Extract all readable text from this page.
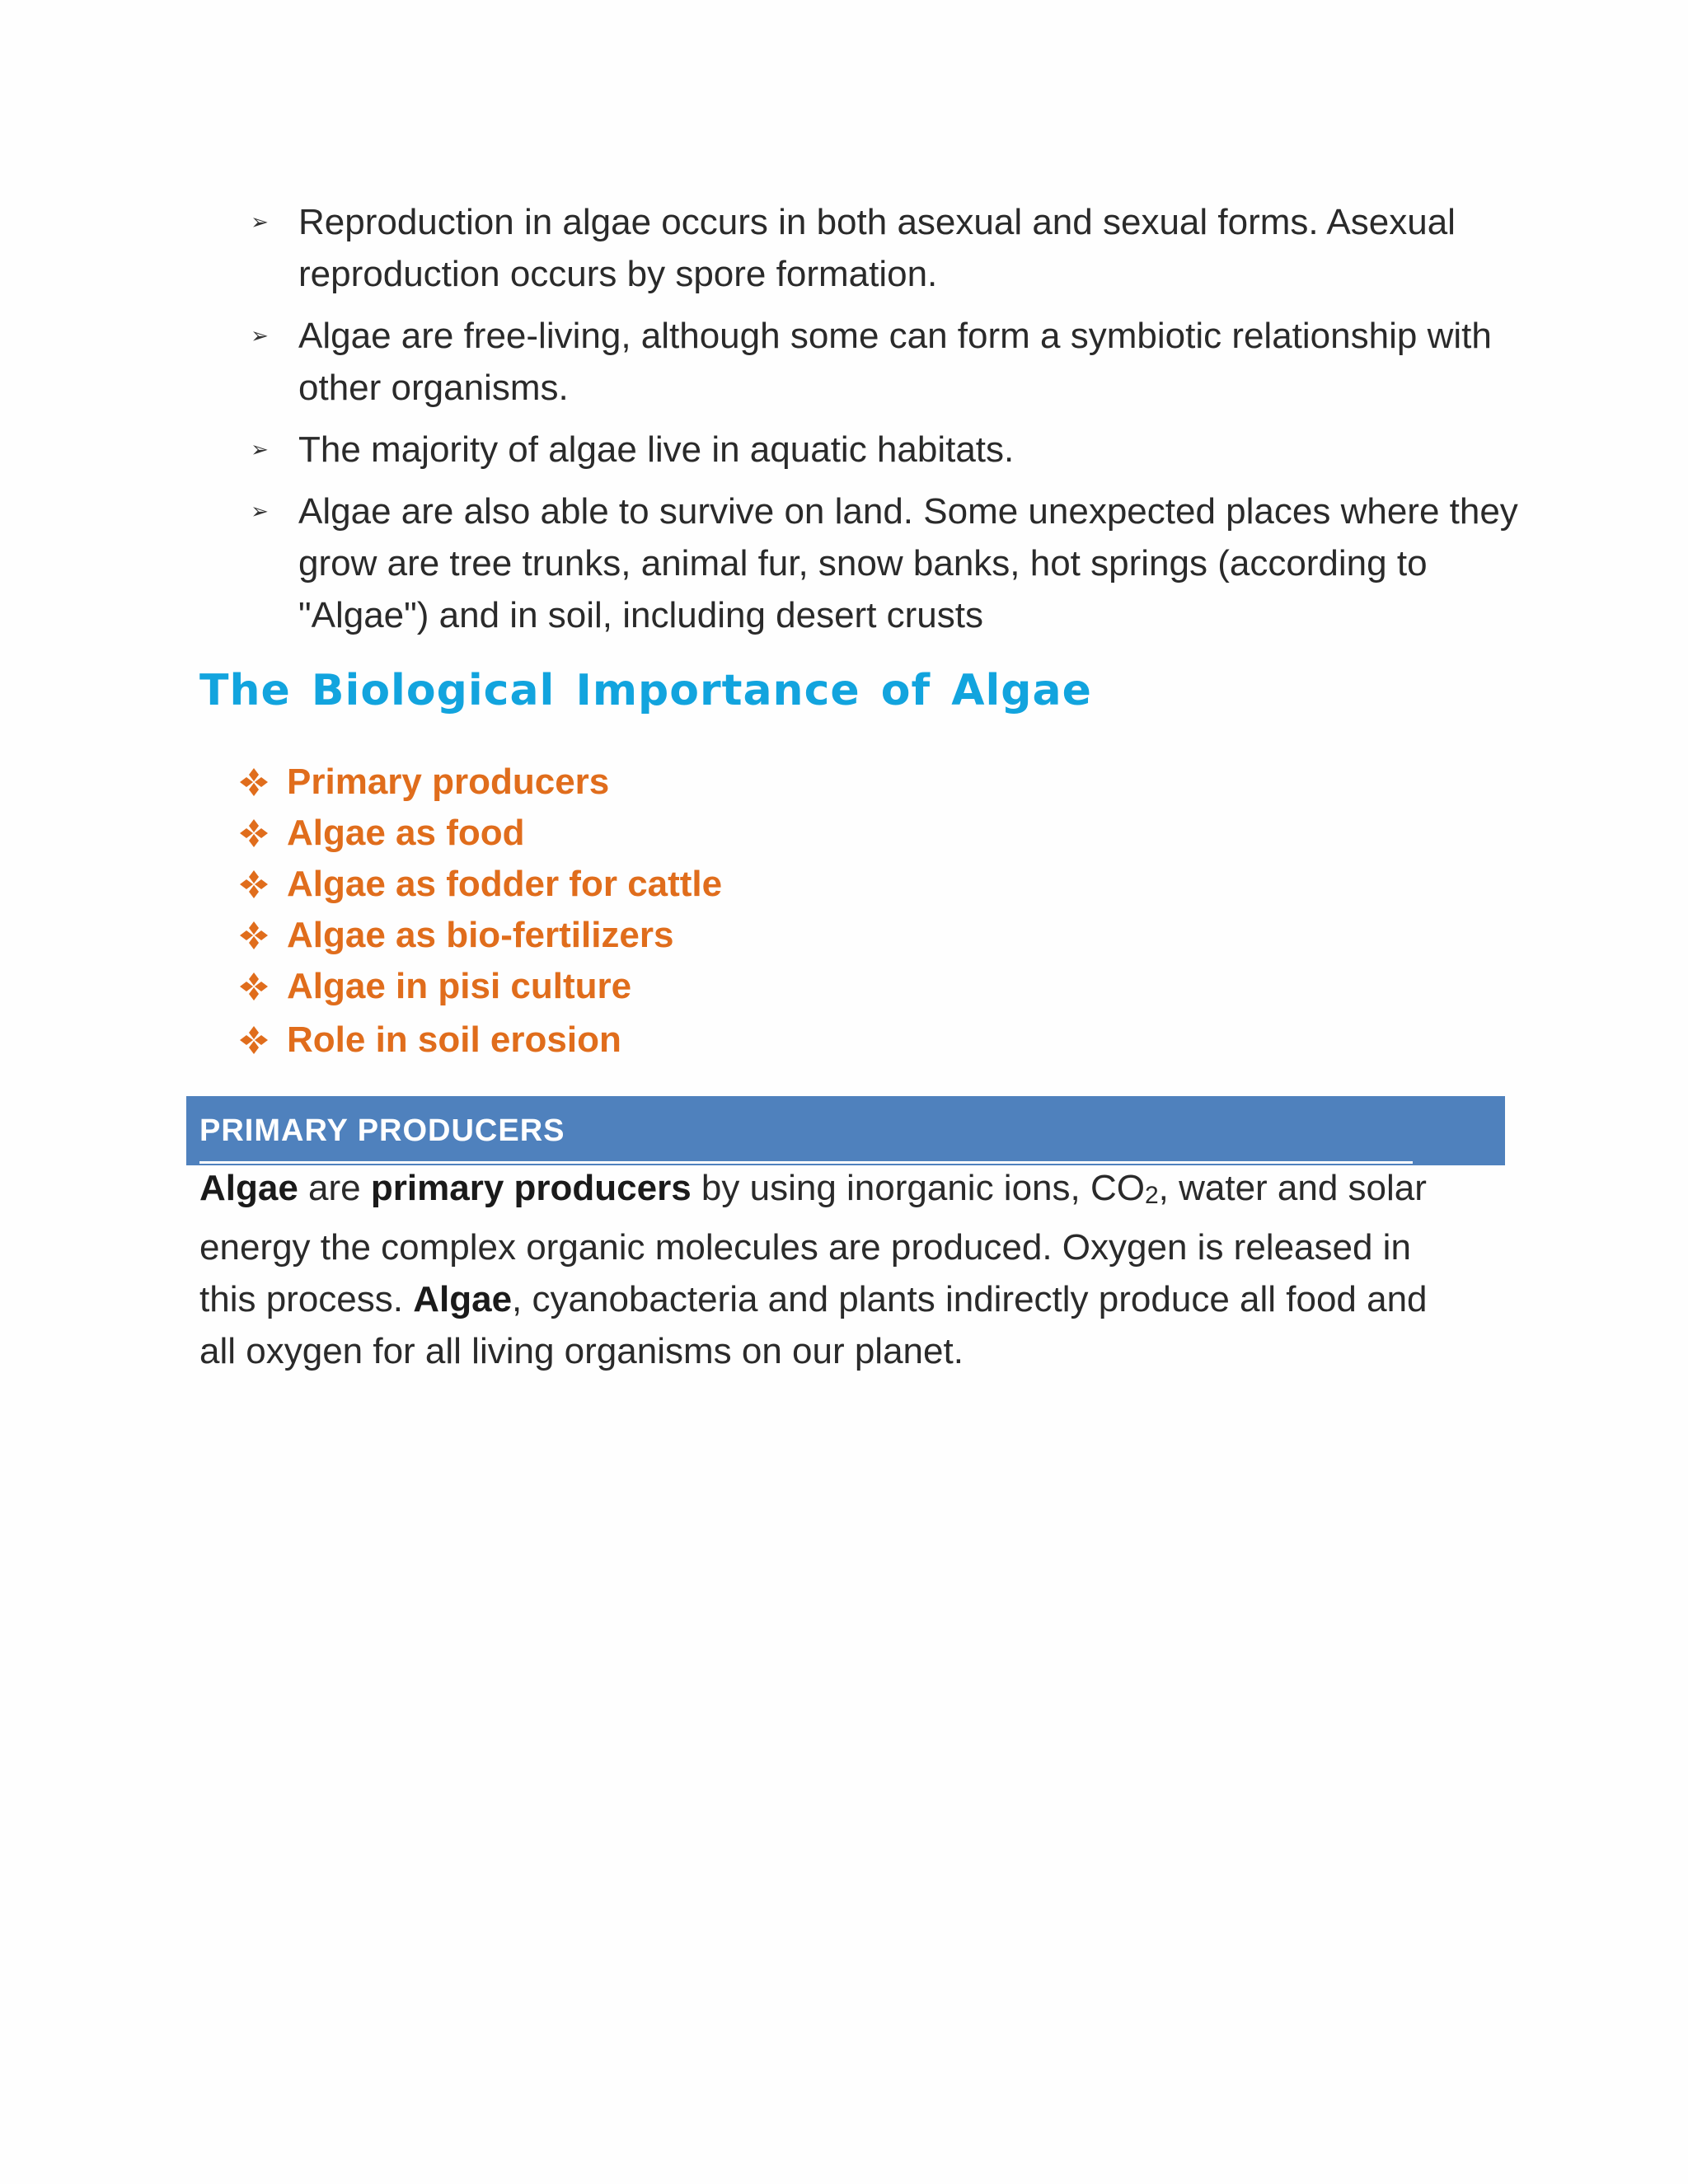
➢ Reproduction in algae occurs in both asexual and sexual forms. Asexual reproduction occurs by spore formation.
➢ Algae are free-living, although some can form a symbiotic relationship with other organisms.
➢ The majority of algae live in aquatic habitats.
➢ Algae are also able to survive on land. Some unexpected places where they grow are tree trunks, animal fur, snow banks, hot springs (according to "Algae") and in soil, including desert crusts
The Biological Importance of Algae
Primary producers
Algae as food
Algae as fodder for cattle
Algae as bio-fertilizers
Algae in pisi culture
Role in soil erosion
PRIMARY PRODUCERS

Algae are primary producers by using inorganic ions, $CO_2$, water and solar energy the complex organic molecules are produced. Oxygen is released in this process. Algae, cyanobacteria and plants indirectly produce all food and all oxygen for all living organisms on our planet.
